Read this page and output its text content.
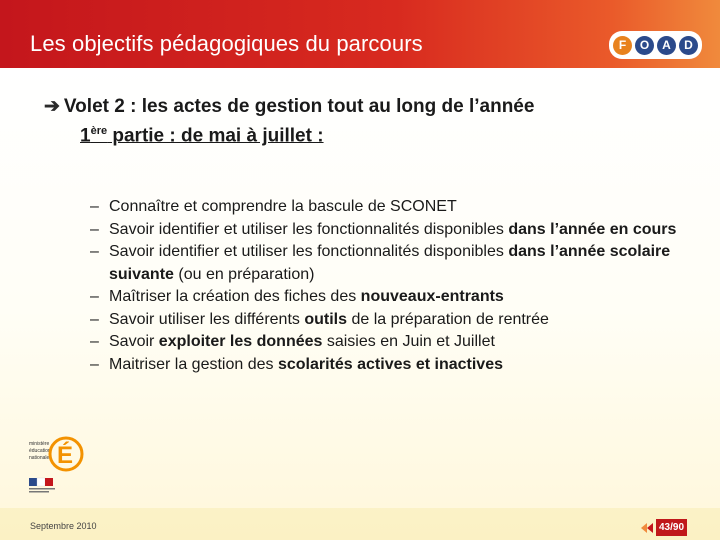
Les objectifs pédagogiques du parcours	F	O	A	D
➔ Volet 2 : les actes de gestion tout au long de l’année
1ère partie : de mai à juillet :
– Connaître et comprendre la bascule de SCONET
– Savoir identifier et utiliser les fonctionnalités disponibles dans l’année en cours
– Savoir identifier et utiliser les fonctionnalités disponibles dans l’année scolaire suivante (ou en préparation)
– Maîtriser la création des fiches des nouveaux-entrants
– Savoir utiliser les différents outils de la préparation de rentrée
– Savoir exploiter les données saisies en Juin et Juillet
– Maitriser la gestion des scolarités actives et inactives
ministère
éducation
nationale É
Septembre 2010	43/90
